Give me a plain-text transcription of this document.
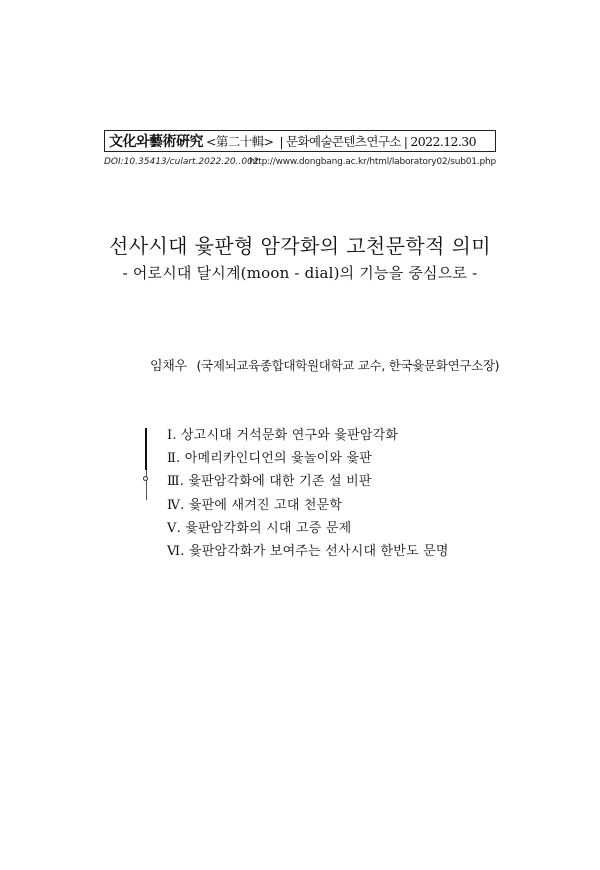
文化와藝術硏究 <第二十輯> | 문화예술콘텐츠연구소 | 2022.12.30
DOI:10.35413/culart.2022.20..002
http://www.dongbang.ac.kr/html/laboratory02/sub01.php
선사시대 윷판형 암각화의 고천문학적 의미
- 어로시대 달시계(moon - dial)의 기능을 중심으로 -
임채우 (국제뇌교육종합대학원대학교 교수, 한국윷문화연구소장)
Ⅰ. 상고시대 거석문화 연구와 윷판암각화
Ⅱ. 아메리카인디언의 윷놀이와 윷판
Ⅲ. 윷판암각화에 대한 기존 설 비판
Ⅳ. 윷판에 새겨진 고대 천문학
Ⅴ. 윷판암각화의 시대 고증 문제
Ⅵ. 윷판암각화가 보여주는 선사시대 한반도 문명
